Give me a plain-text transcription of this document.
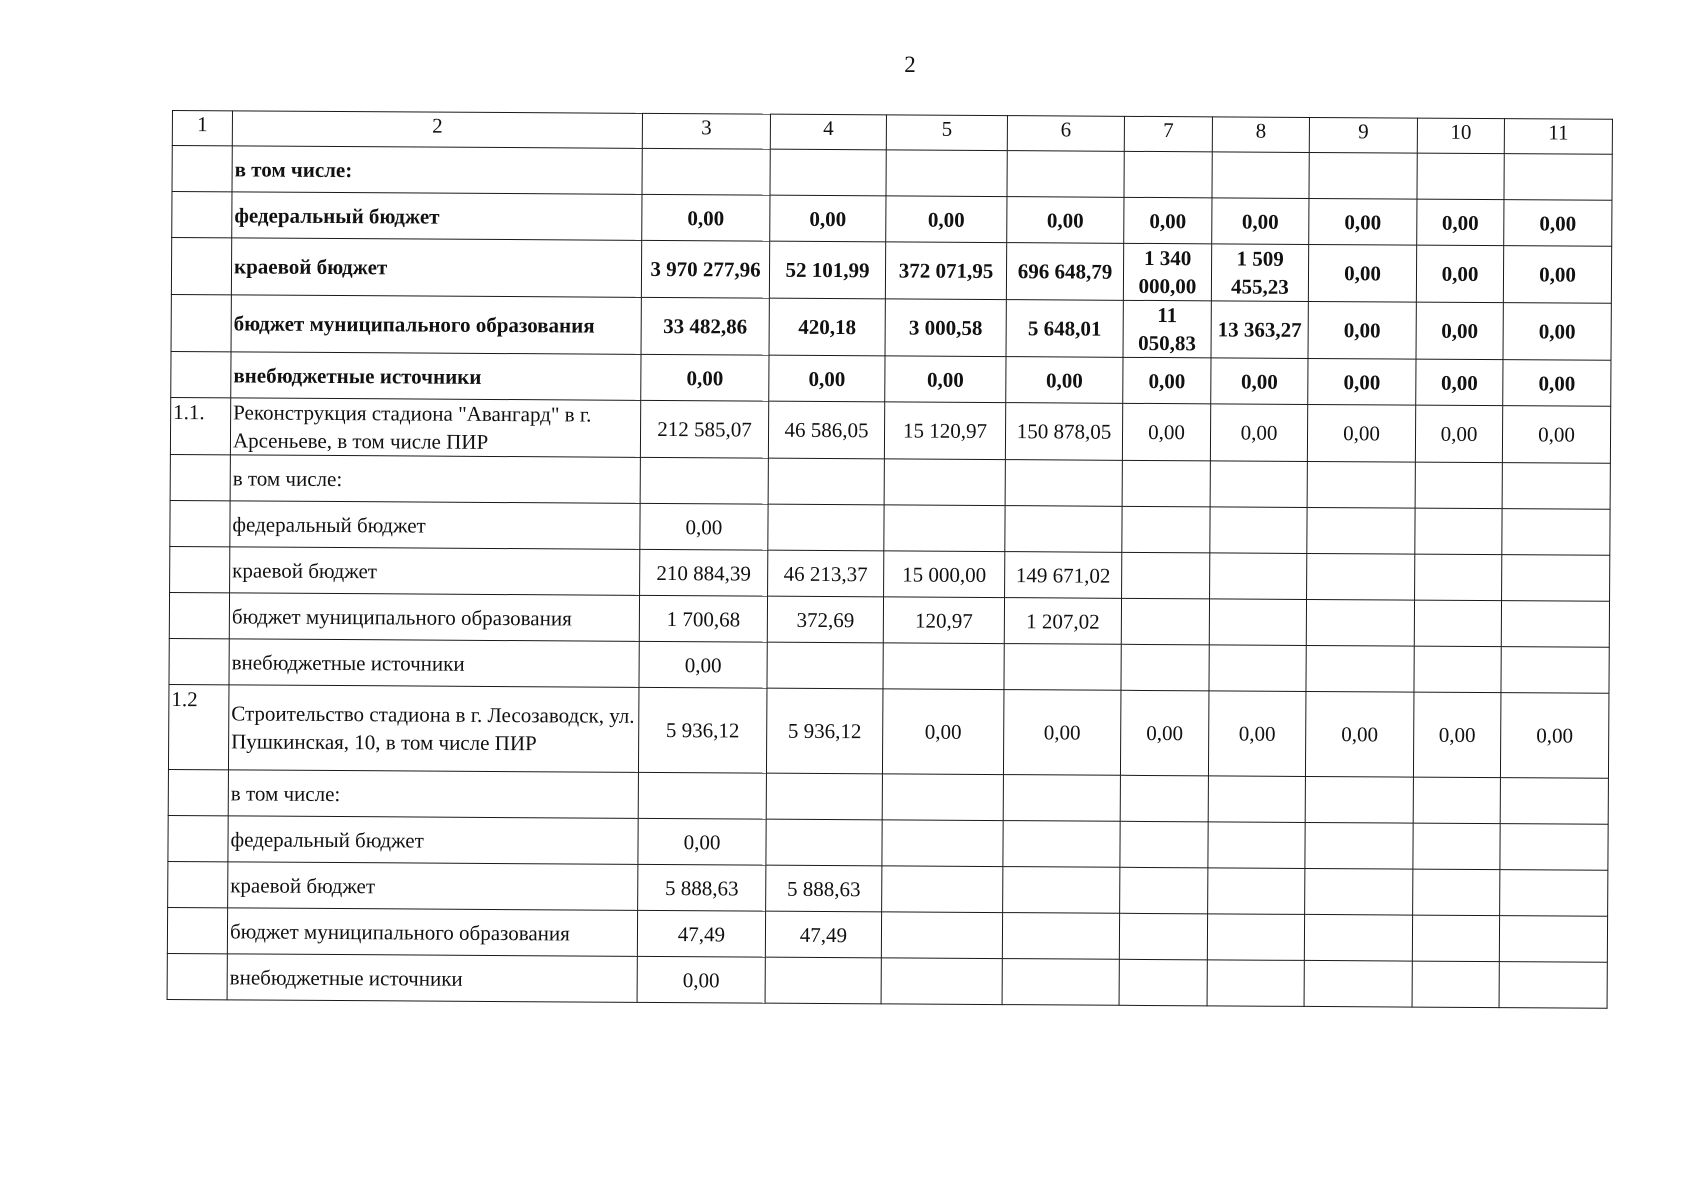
2
1	2	3	4	5	6	7	8	9	10	11
	в том числе:									
	федеральный бюджет	0,00	0,00	0,00	0,00	0,00	0,00	0,00	0,00	0,00
	краевой бюджет	3 970 277,96	52 101,99	372 071,95	696 648,79	1 340 000,00	1 509 455,23	0,00	0,00	0,00
	бюджет муниципального образования	33 482,86	420,18	3 000,58	5 648,01	11 050,83	13 363,27	0,00	0,00	0,00
	внебюджетные источники	0,00	0,00	0,00	0,00	0,00	0,00	0,00	0,00	0,00
1.1.	Реконструкция стадиона "Авангард" в г. Арсеньеве, в том числе ПИР	212 585,07	46 586,05	15 120,97	150 878,05	0,00	0,00	0,00	0,00	0,00
	в том числе:									
	федеральный бюджет	0,00								
	краевой бюджет	210 884,39	46 213,37	15 000,00	149 671,02					
	бюджет муниципального образования	1 700,68	372,69	120,97	1 207,02					
	внебюджетные источники	0,00								
1.2	Строительство стадиона в г. Лесозаводск, ул. Пушкинская, 10, в том числе ПИР	5 936,12	5 936,12	0,00	0,00	0,00	0,00	0,00	0,00	0,00
	в том числе:									
	федеральный бюджет	0,00								
	краевой бюджет	5 888,63	5 888,63							
	бюджет муниципального образования	47,49	47,49							
	внебюджетные источники	0,00								
